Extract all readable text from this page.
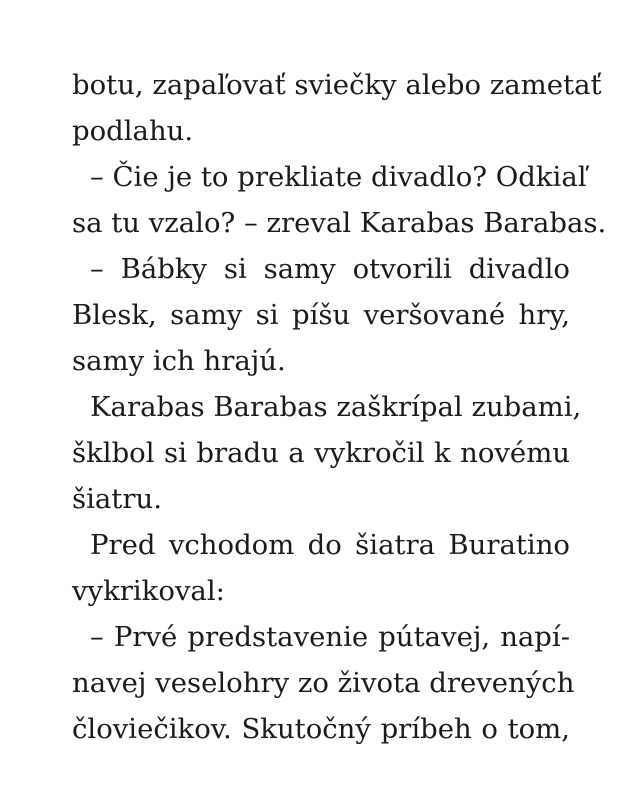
botu, zapaľovať sviečky alebo zametať
podlahu.
– Čie je to prekliate divadlo? Odkiaľ
sa tu vzalo? – zreval Karabas Barabas.
– Bábky si samy otvorili divadlo
Blesk, samy si píšu veršované hry,
samy ich hrajú.
Karabas Barabas zaškrípal zubami,
šklbol si bradu a vykročil k novému
šiatru.
Pred vchodom do šiatra Buratino
vykrikoval:
– Prvé predstavenie pútavej, napí-
navej veselohry zo života drevených
človiečikov. Skutočný príbeh o tom,
